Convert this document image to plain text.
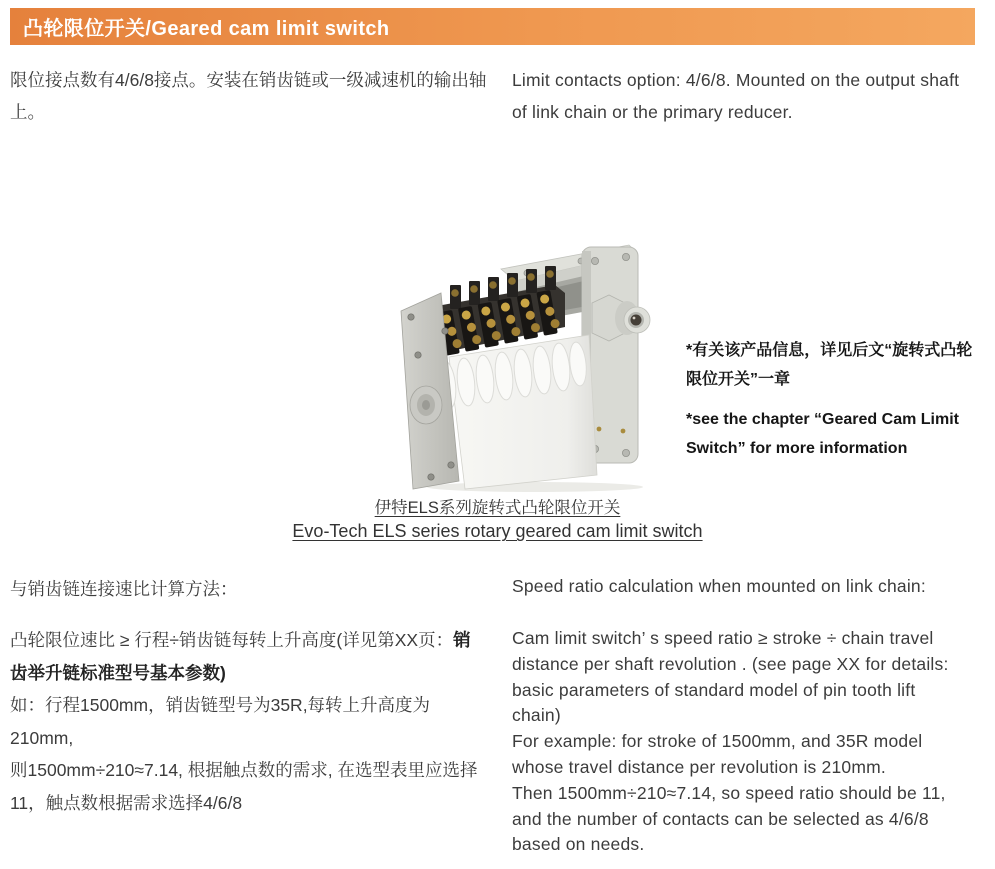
凸轮限位开关/Geared cam limit switch
限位接点数有4/6/8接点。安装在销齿链或一级减速机的输出轴上。
Limit contacts option: 4/6/8. Mounted on the output shaft of link chain or the primary reducer.
*有关该产品信息，详见后文“旋转式凸轮
限位开关”一章
*see the chapter “Geared Cam Limit
Switch” for more information
伊特ELS系列旋转式凸轮限位开关
Evo-Tech ELS series rotary geared cam limit switch
与销齿链连接速比计算方法：
凸轮限位速比 ≥ 行程÷销齿链每转上升高度(详见第XX页：销齿举升链标准型号基本参数)
如：行程1500mm，销齿链型号为35R,每转上升高度为
210mm,
则1500mm÷210≈7.14, 根据触点数的需求, 在选型表里应选择
11，触点数根据需求选择4/6/8
Speed ratio calculation when mounted on link chain:
Cam limit switch’ s speed ratio ≥ stroke ÷ chain travel
distance per shaft revolution . (see page XX for details:
basic parameters of standard model of pin tooth lift
chain)
For example: for stroke of 1500mm, and 35R model
whose travel distance per revolution is 210mm.
Then 1500mm÷210≈7.14, so speed ratio should be 11,
and the number of contacts can be selected as 4/6/8
based on needs.
